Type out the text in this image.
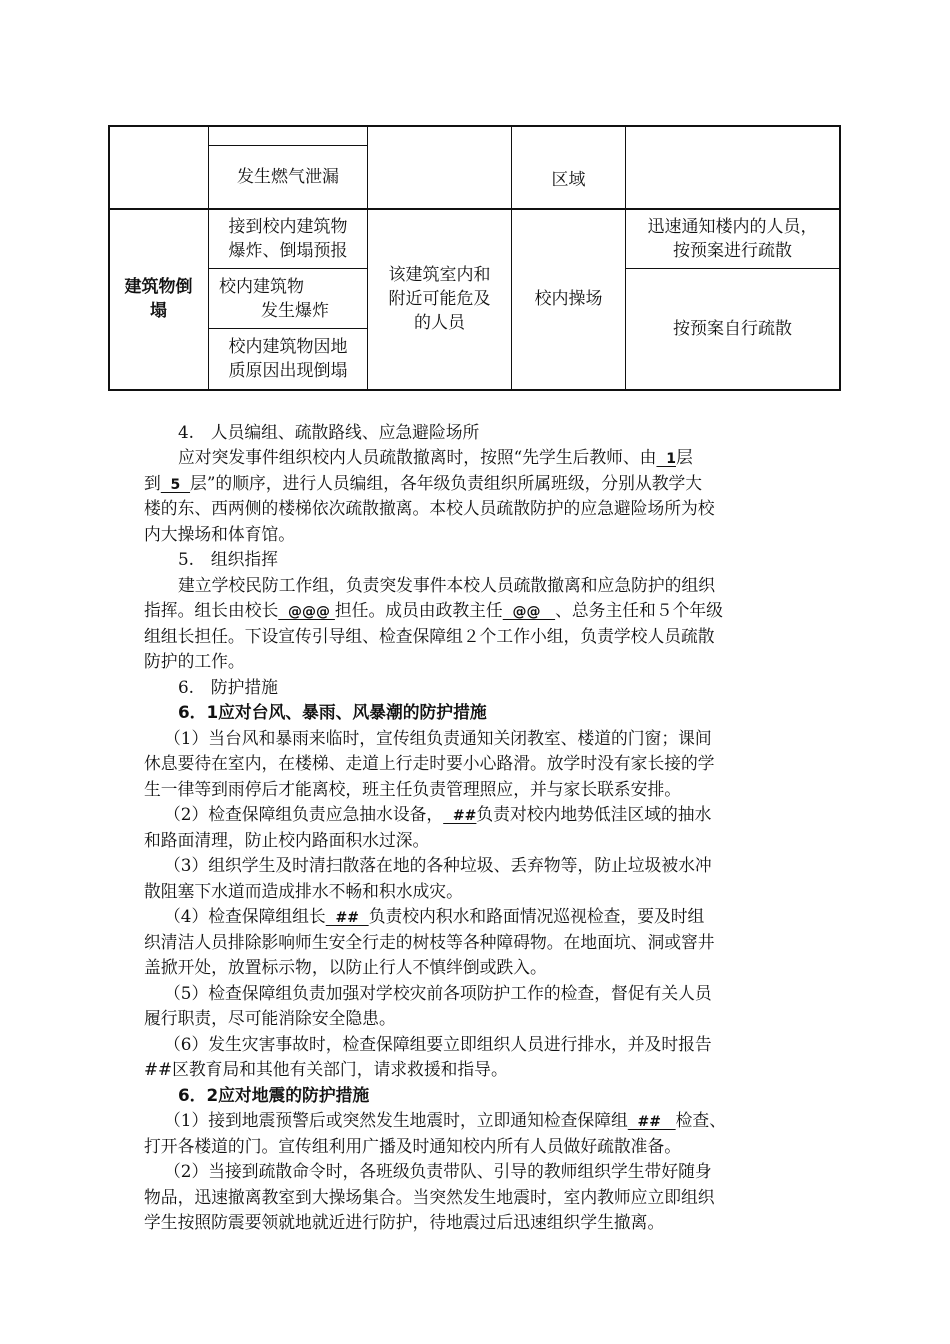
发生燃气泄漏	区域
建筑物倒
塌
接到校内建筑物
爆炸、倒塌预报
校内建筑物
发生爆炸
校内建筑物因地
质原因出现倒塌
该建筑室内和
附近可能危及
的人员
校内操场
迅速通知楼内的人员，
按预案进行疏散
按预案自行疏散

4.　人员编组、疏散路线、应急避险场所

应对突发事件组织校内人员疏散撤离时，按照“先学生后教师、由  1层

到  5  层”的顺序，进行人员编组，各年级负责组织所属班级，分别从教学大

楼的东、西两侧的楼梯依次疏散撤离。本校人员疏散防护的应急避险场所为校

内大操场和体育馆。

5.　组织指挥

建立学校民防工作组，负责突发事件本校人员疏散撤离和应急防护的组织

指挥。组长由校长  @@@ 担任。成员由政教主任  @@   、总务主任和５个年级

组组长担任。下设宣传引导组、检查保障组２个工作小组，负责学校人员疏散

防护的工作。

6.　防护措施

6．1应对台风、暴雨、风暴潮的防护措施

（1）当台风和暴雨来临时，宣传组负责通知关闭教室、楼道的门窗；课间

休息要待在室内，在楼梯、走道上行走时要小心路滑。放学时没有家长接的学

生一律等到雨停后才能离校，班主任负责管理照应，并与家长联系安排。

（2）检查保障组负责应急抽水设备，  ##负责对校内地势低洼区域的抽水

和路面清理，防止校内路面积水过深。

（3）组织学生及时清扫散落在地的各种垃圾、丢弃物等，防止垃圾被水冲

散阻塞下水道而造成排水不畅和积水成灾。

（4）检查保障组组长  ##  负责校内积水和路面情况巡视检查，要及时组

织清洁人员排除影响师生安全行走的树枝等各种障碍物。在地面坑、洞或窨井

盖掀开处，放置标示物，以防止行人不慎绊倒或跌入。

（5）检查保障组负责加强对学校灾前各项防护工作的检查，督促有关人员

履行职责，尽可能消除安全隐患。

（6）发生灾害事故时，检查保障组要立即组织人员进行排水，并及时报告

##区教育局和其他有关部门，请求救援和指导。

6．2应对地震的防护措施

（1）接到地震预警后或突然发生地震时，立即通知检查保障组  ##   检查、

打开各楼道的门。宣传组利用广播及时通知校内所有人员做好疏散准备。

（2）当接到疏散命令时，各班级负责带队、引导的教师组织学生带好随身

物品，迅速撤离教室到大操场集合。当突然发生地震时，室内教师应立即组织

学生按照防震要领就地就近进行防护，待地震过后迅速组织学生撤离。
